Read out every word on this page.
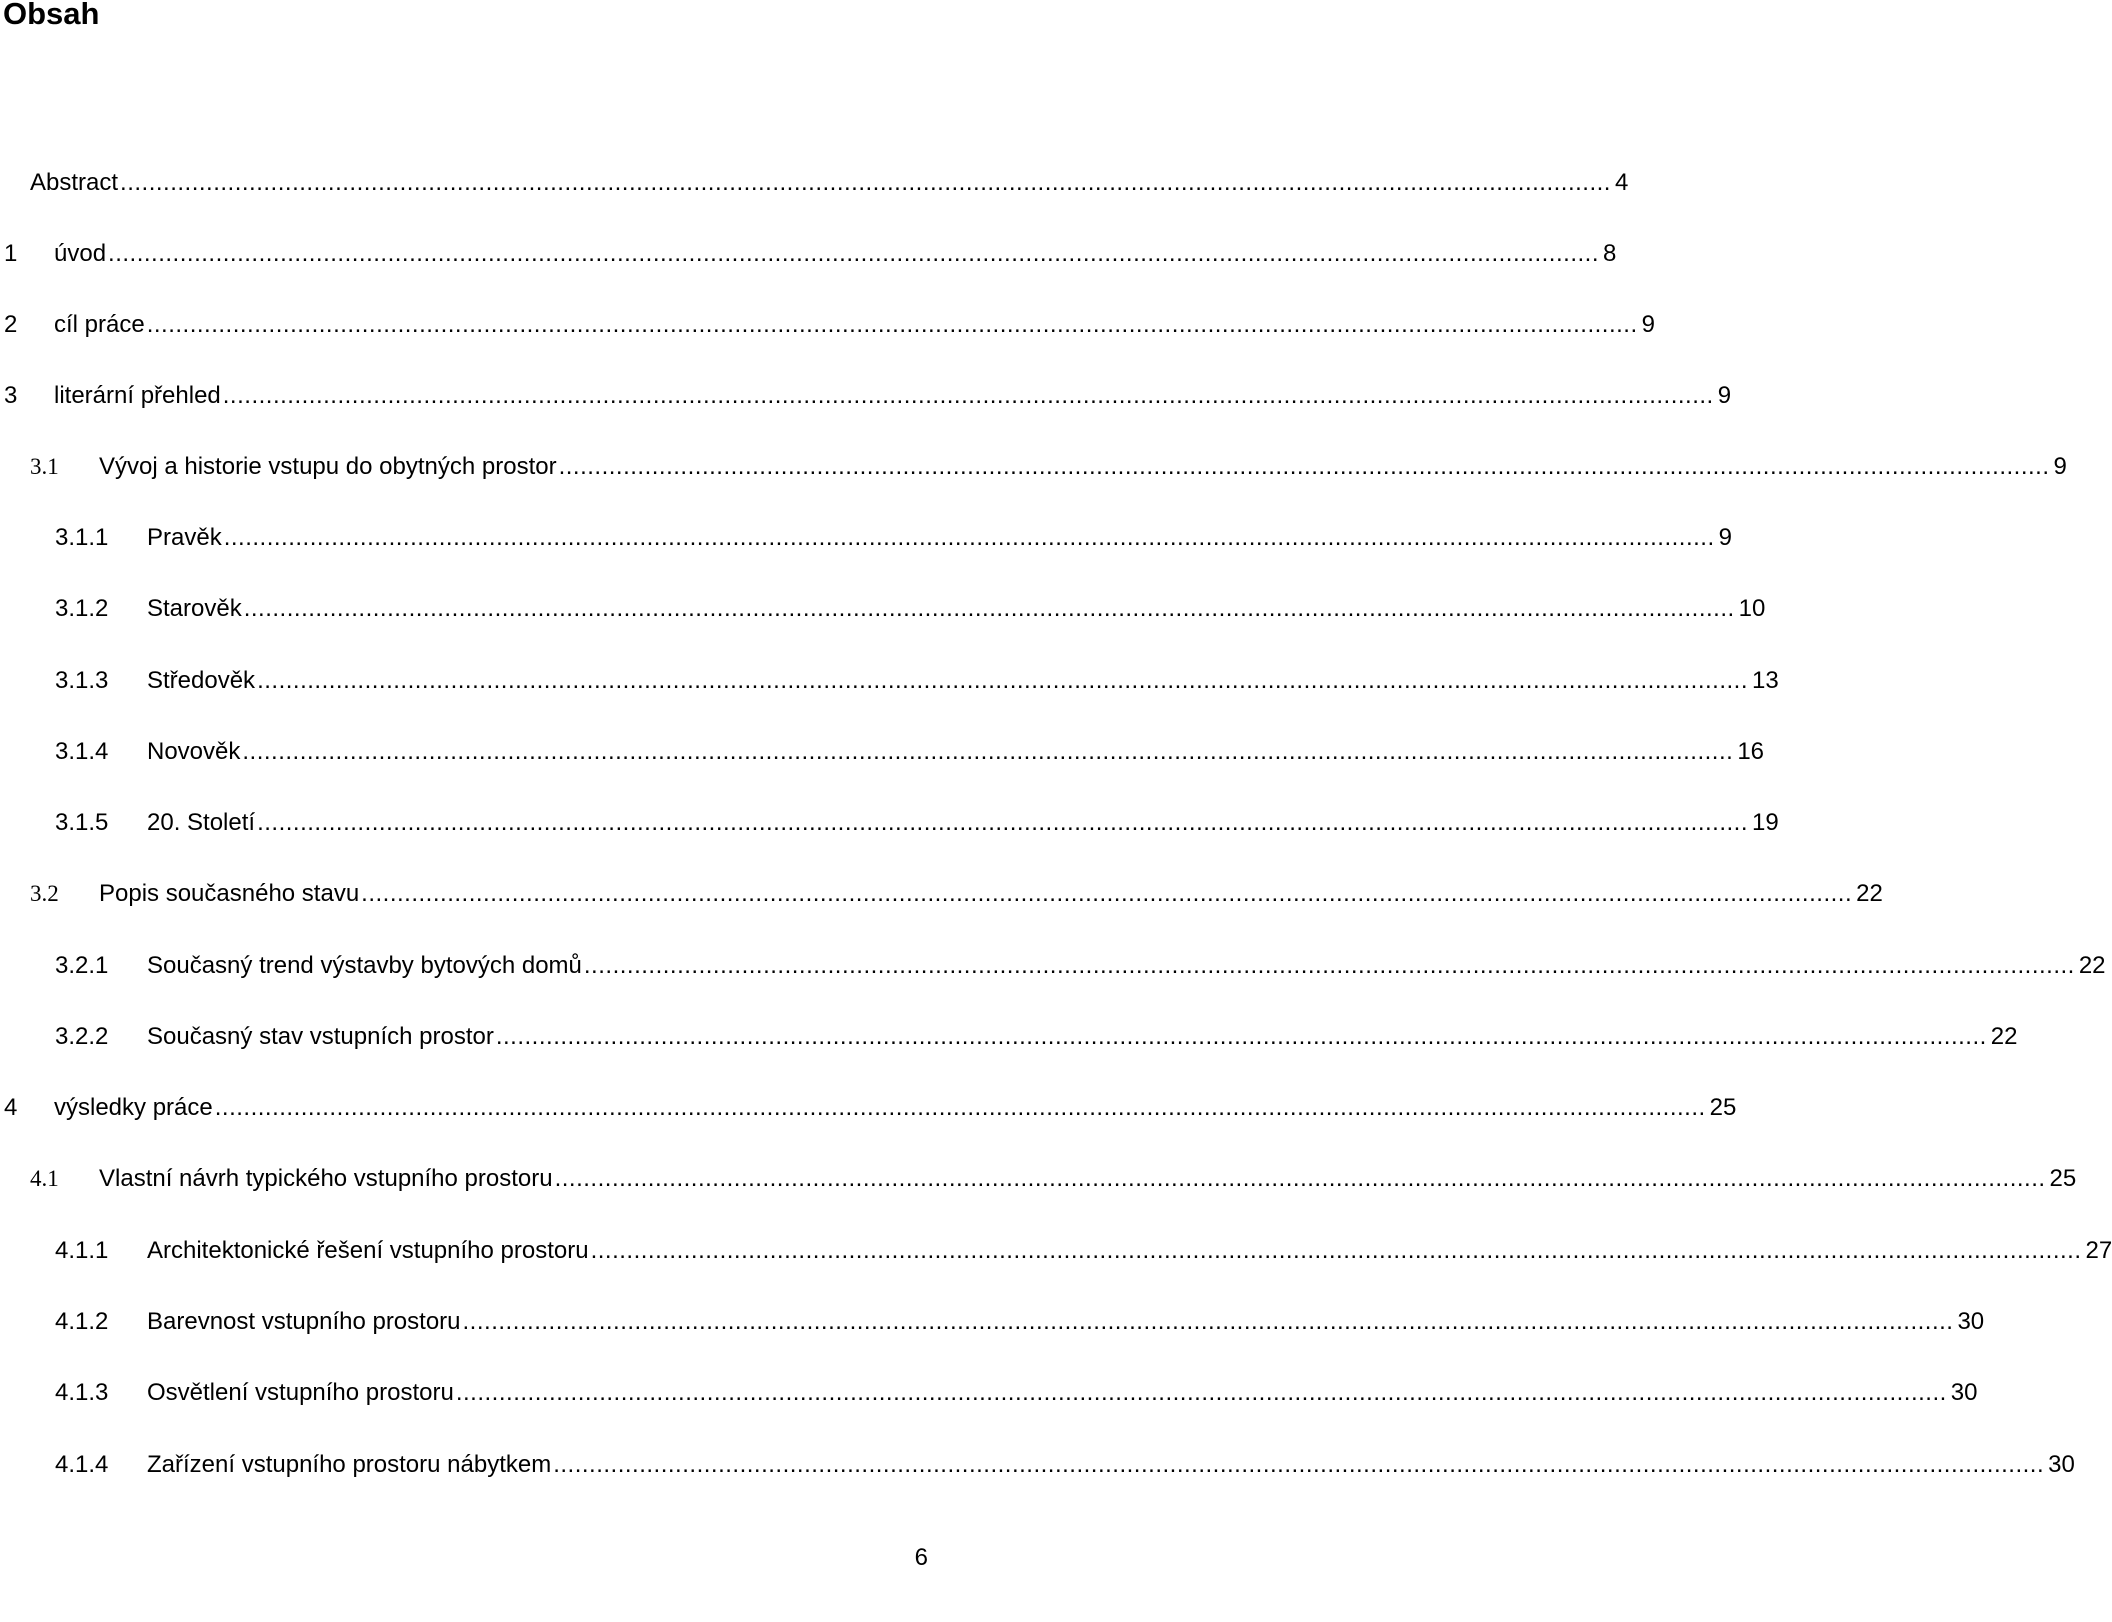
Obsah
Abstract ................................................................................................................................................................................................................ 4
1 úvod ................................................................................................................................................................................................................ 8
2 cíl práce ................................................................................................................................................................................................................ 9
3 literární přehled ................................................................................................................................................................................................................ 9
3.1 Vývoj a historie vstupu do obytných prostor ................................................................................................................................................................................................................ 9
3.1.1 Pravěk ................................................................................................................................................................................................................ 9
3.1.2 Starověk ................................................................................................................................................................................................................ 10
3.1.3 Středověk ................................................................................................................................................................................................................ 13
3.1.4 Novověk ................................................................................................................................................................................................................ 16
3.1.5 20. Století ................................................................................................................................................................................................................ 19
3.2 Popis současného stavu ................................................................................................................................................................................................................ 22
3.2.1 Současný trend výstavby bytových domů ................................................................................................................................................................................................................ 22
3.2.2 Současný stav vstupních prostor ................................................................................................................................................................................................................ 22
4 výsledky práce ................................................................................................................................................................................................................ 25
4.1 Vlastní návrh typického vstupního prostoru ................................................................................................................................................................................................................ 25
4.1.1 Architektonické řešení vstupního prostoru ................................................................................................................................................................................................................ 27
4.1.2 Barevnost vstupního prostoru ................................................................................................................................................................................................................ 30
4.1.3 Osvětlení vstupního prostoru ................................................................................................................................................................................................................ 30
4.1.4 Zařízení vstupního prostoru nábytkem ................................................................................................................................................................................................................ 30
6
